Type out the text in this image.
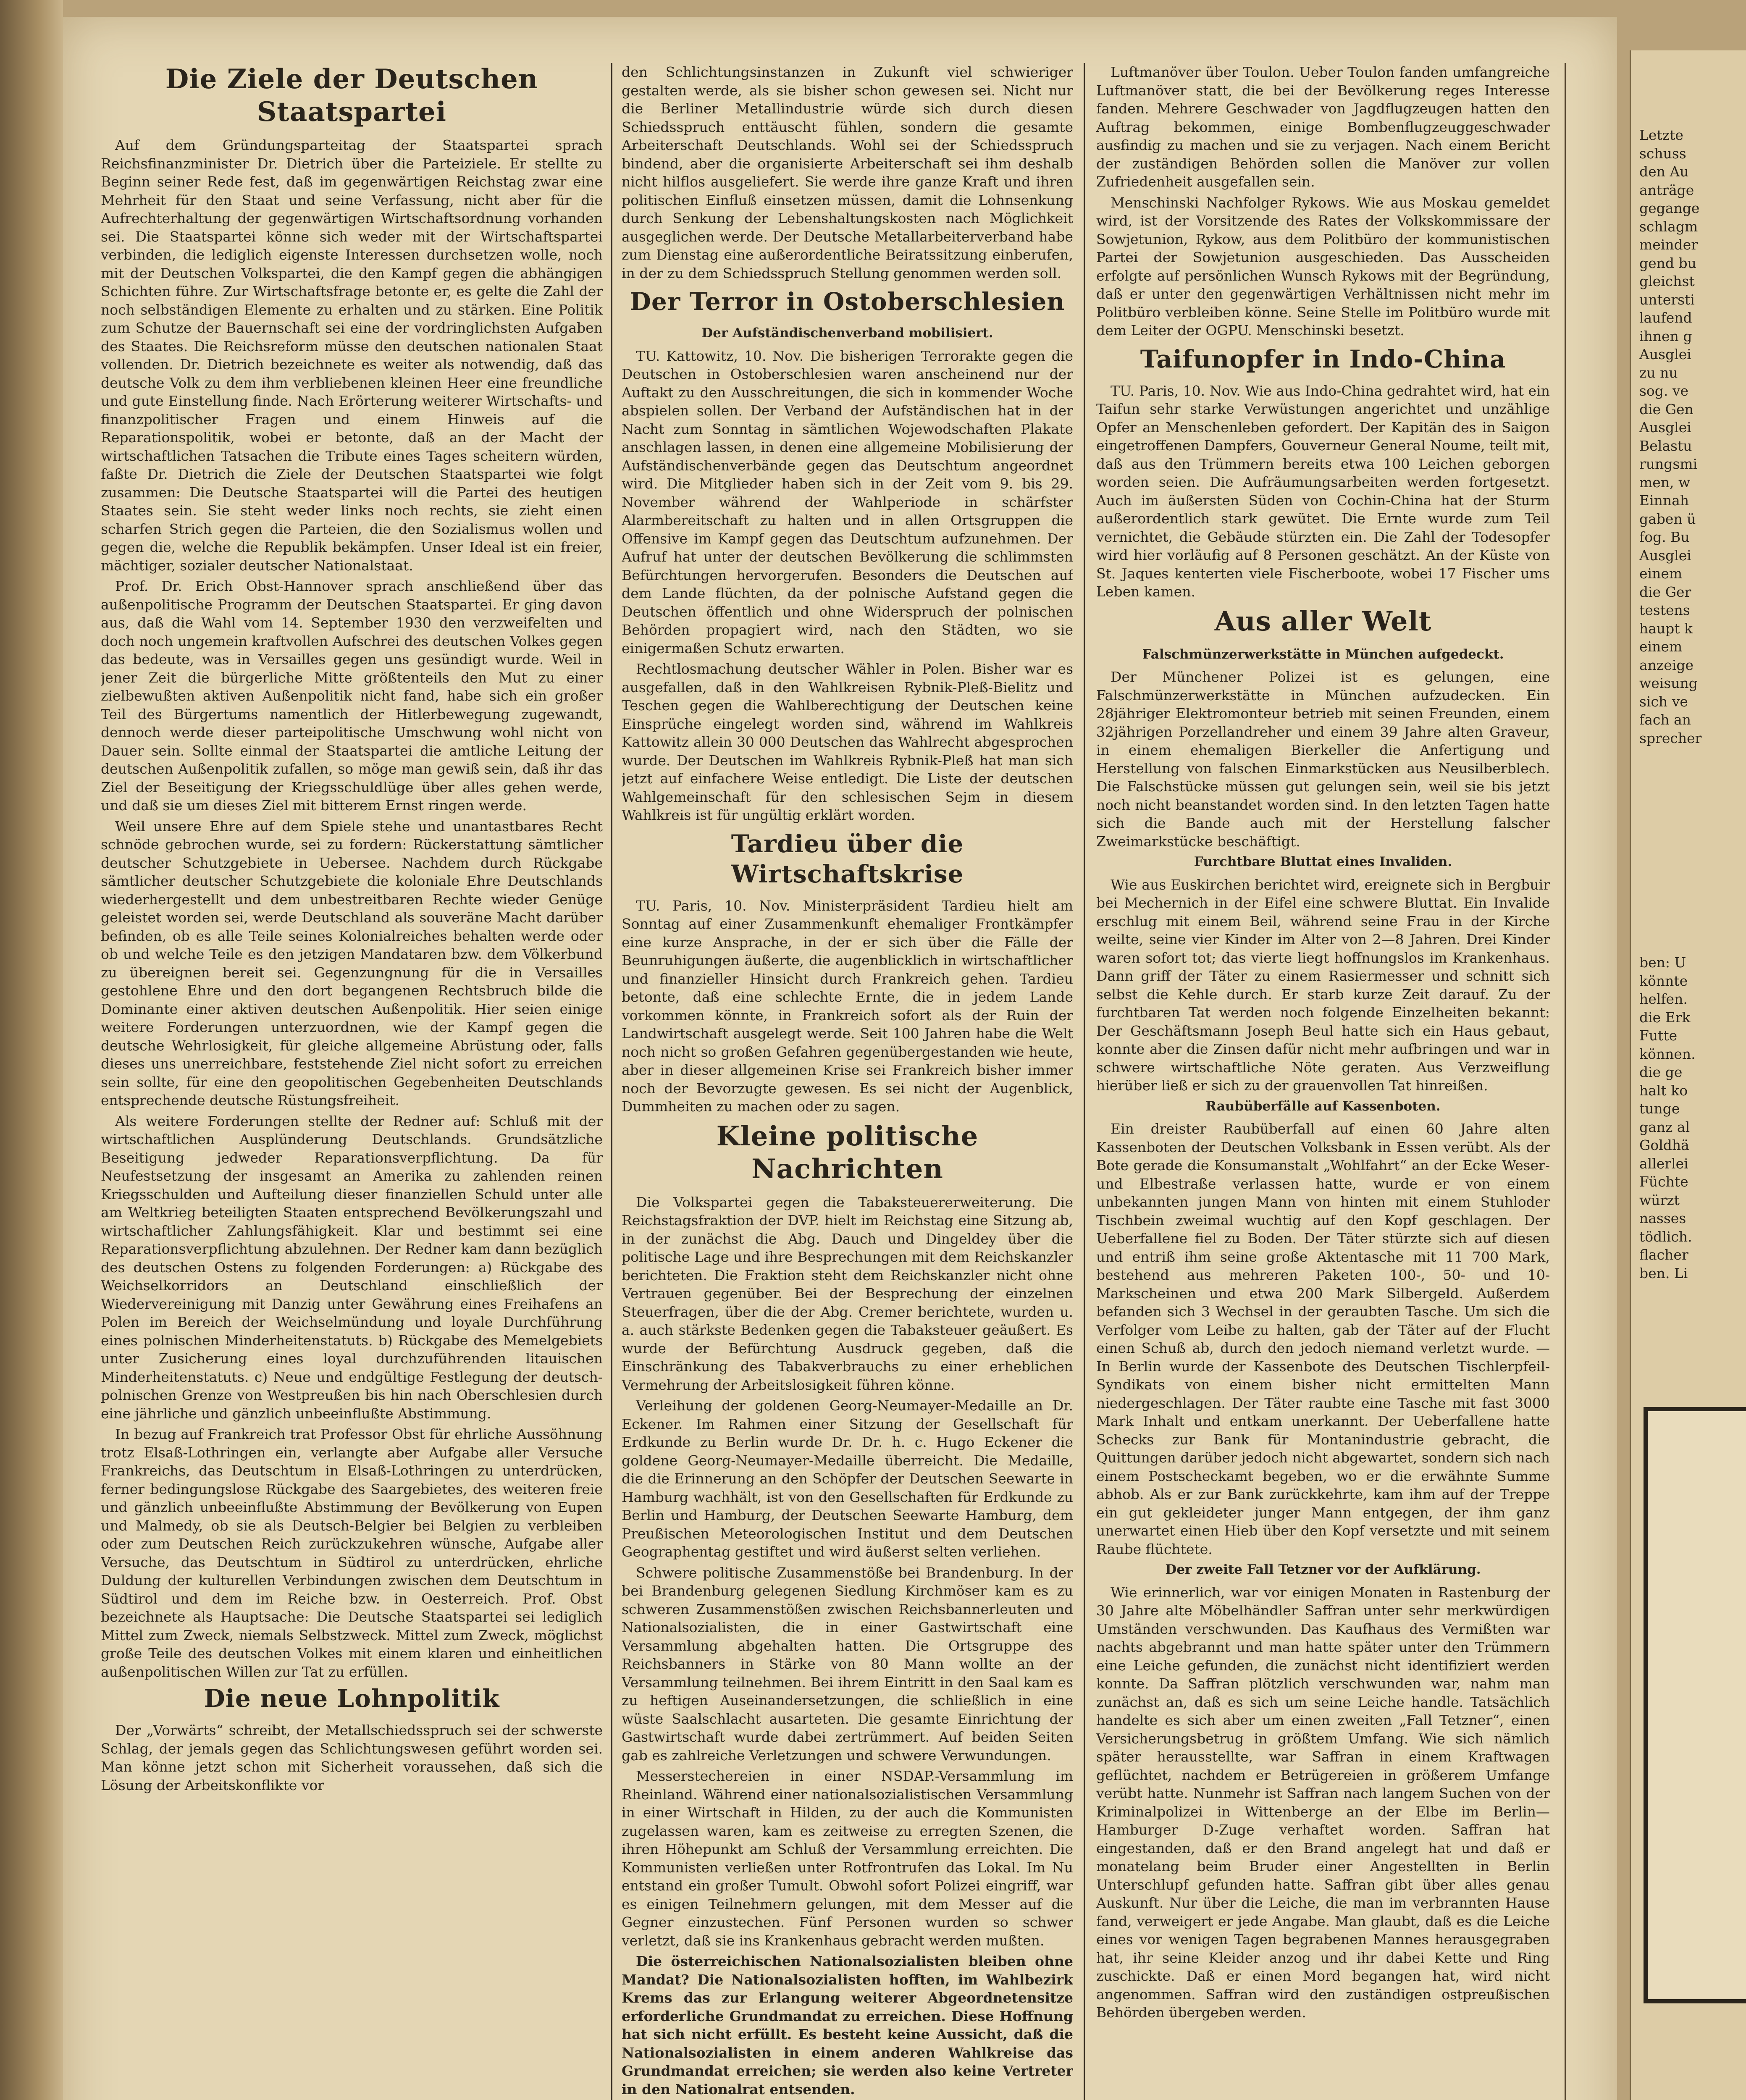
Die Ziele der Deutschen Staatspartei

Auf dem Gründungsparteitag der Staatspartei sprach Reichsfinanzminister Dr. Dietrich über die Parteiziele. Er stellte zu Beginn seiner Rede fest, daß im gegenwärtigen Reichstag zwar eine Mehrheit für den Staat und seine Verfassung, nicht aber für die Aufrechterhaltung der gegenwärtigen Wirtschaftsordnung vorhanden sei. Die Staatspartei könne sich weder mit der Wirtschaftspartei verbinden, die lediglich eigenste Interessen durchsetzen wolle, noch mit der Deutschen Volkspartei, die den Kampf gegen die abhängigen Schichten führe. Zur Wirtschaftsfrage betonte er, es gelte die Zahl der noch selbständigen Elemente zu erhalten und zu stärken. Eine Politik zum Schutze der Bauernschaft sei eine der vordringlichsten Aufgaben des Staates. Die Reichsreform müsse den deutschen nationalen Staat vollenden. Dr. Dietrich bezeichnete es weiter als notwendig, daß das deutsche Volk zu dem ihm verbliebenen kleinen Heer eine freundliche und gute Einstellung finde. Nach Erörterung weiterer Wirtschafts- und finanzpolitischer Fragen und einem Hinweis auf die Reparationspolitik, wobei er betonte, daß an der Macht der wirtschaftlichen Tatsachen die Tribute eines Tages scheitern würden, faßte Dr. Dietrich die Ziele der Deutschen Staatspartei wie folgt zusammen: Die Deutsche Staatspartei will die Partei des heutigen Staates sein. Sie steht weder links noch rechts, sie zieht einen scharfen Strich gegen die Parteien, die den Sozialismus wollen und gegen die, welche die Republik bekämpfen. Unser Ideal ist ein freier, mächtiger, sozialer deutscher Nationalstaat.

Prof. Dr. Erich Obst-Hannover sprach anschließend über das außenpolitische Programm der Deutschen Staatspartei. Er ging davon aus, daß die Wahl vom 14. September 1930 den verzweifelten und doch noch ungemein kraftvollen Aufschrei des deutschen Volkes gegen das bedeute, was in Versailles gegen uns gesündigt wurde. Weil in jener Zeit die bürgerliche Mitte größtenteils den Mut zu einer zielbewußten aktiven Außenpolitik nicht fand, habe sich ein großer Teil des Bürgertums namentlich der Hitlerbewegung zugewandt, dennoch werde dieser parteipolitische Umschwung wohl nicht von Dauer sein. Sollte einmal der Staatspartei die amtliche Leitung der deutschen Außenpolitik zufallen, so möge man gewiß sein, daß ihr das Ziel der Beseitigung der Kriegsschuldlüge über alles gehen werde, und daß sie um dieses Ziel mit bitterem Ernst ringen werde.

Weil unsere Ehre auf dem Spiele stehe und unantastbares Recht schnöde gebrochen wurde, sei zu fordern: Rückerstattung sämtlicher deutscher Schutzgebiete in Uebersee. Nachdem durch Rückgabe sämtlicher deutscher Schutzgebiete die koloniale Ehre Deutschlands wiederhergestellt und dem unbestreitbaren Rechte wieder Genüge geleistet worden sei, werde Deutschland als souveräne Macht darüber befinden, ob es alle Teile seines Kolonialreiches behalten werde oder ob und welche Teile es den jetzigen Mandataren bzw. dem Völkerbund zu übereignen bereit sei. Gegenzungnung für die in Versailles gestohlene Ehre und den dort begangenen Rechtsbruch bilde die Dominante einer aktiven deutschen Außenpolitik. Hier seien einige weitere Forderungen unterzuordnen, wie der Kampf gegen die deutsche Wehrlosigkeit, für gleiche allgemeine Abrüstung oder, falls dieses uns unerreichbare, feststehende Ziel nicht sofort zu erreichen sein sollte, für eine den geopolitischen Gegebenheiten Deutschlands entsprechende deutsche Rüstungsfreiheit.

Als weitere Forderungen stellte der Redner auf: Schluß mit der wirtschaftlichen Ausplünderung Deutschlands. Grundsätzliche Beseitigung jedweder Reparationsverpflichtung. Da für Neufestsetzung der insgesamt an Amerika zu zahlenden reinen Kriegsschulden und Aufteilung dieser finanziellen Schuld unter alle am Weltkrieg beteiligten Staaten entsprechend Bevölkerungszahl und wirtschaftlicher Zahlungsfähigkeit. Klar und bestimmt sei eine Reparationsverpflichtung abzulehnen. Der Redner kam dann bezüglich des deutschen Ostens zu folgenden Forderungen: a) Rückgabe des Weichselkorridors an Deutschland einschließlich der Wiedervereinigung mit Danzig unter Gewährung eines Freihafens an Polen im Bereich der Weichselmündung und loyale Durchführung eines polnischen Minderheitenstatuts. b) Rückgabe des Memelgebiets unter Zusicherung eines loyal durchzuführenden litauischen Minderheitenstatuts. c) Neue und endgültige Festlegung der deutsch-polnischen Grenze von Westpreußen bis hin nach Oberschlesien durch eine jährliche und gänzlich unbeeinflußte Abstimmung.

In bezug auf Frankreich trat Professor Obst für ehrliche Aussöhnung trotz Elsaß-Lothringen ein, verlangte aber Aufgabe aller Versuche Frankreichs, das Deutschtum in Elsaß-Lothringen zu unterdrücken, ferner bedingungslose Rückgabe des Saargebietes, des weiteren freie und gänzlich unbeeinflußte Abstimmung der Bevölkerung von Eupen und Malmedy, ob sie als Deutsch-Belgier bei Belgien zu verbleiben oder zum Deutschen Reich zurückzukehren wünsche, Aufgabe aller Versuche, das Deutschtum in Südtirol zu unterdrücken, ehrliche Duldung der kulturellen Verbindungen zwischen dem Deutschtum in Südtirol und dem im Reiche bzw. in Oesterreich. Prof. Obst bezeichnete als Hauptsache: Die Deutsche Staatspartei sei lediglich Mittel zum Zweck, niemals Selbstzweck. Mittel zum Zweck, möglichst große Teile des deutschen Volkes mit einem klaren und einheitlichen außenpolitischen Willen zur Tat zu erfüllen.

Die neue Lohnpolitik

Der „Vorwärts“ schreibt, der Metallschiedsspruch sei der schwerste Schlag, der jemals gegen das Schlichtungswesen geführt worden sei. Man könne jetzt schon mit Sicherheit voraussehen, daß sich die Lösung der Arbeitskonflikte vor

den Schlichtungsinstanzen in Zukunft viel schwieriger gestalten werde, als sie bisher schon gewesen sei. Nicht nur die Berliner Metallindustrie würde sich durch diesen Schiedsspruch enttäuscht fühlen, sondern die gesamte Arbeiterschaft Deutschlands. Wohl sei der Schiedsspruch bindend, aber die organisierte Arbeiterschaft sei ihm deshalb nicht hilflos ausgeliefert. Sie werde ihre ganze Kraft und ihren politischen Einfluß einsetzen müssen, damit die Lohnsenkung durch Senkung der Lebenshaltungskosten nach Möglichkeit ausgeglichen werde. Der Deutsche Metallarbeiterverband habe zum Dienstag eine außerordentliche Beiratssitzung einberufen, in der zu dem Schiedsspruch Stellung genommen werden soll.

Der Terror in Ostoberschlesien
Der Aufständischenverband mobilisiert.

TU. Kattowitz, 10. Nov. Die bisherigen Terrorakte gegen die Deutschen in Ostoberschlesien waren anscheinend nur der Auftakt zu den Ausschreitungen, die sich in kommender Woche abspielen sollen. Der Verband der Aufständischen hat in der Nacht zum Sonntag in sämtlichen Wojewodschaften Plakate anschlagen lassen, in denen eine allgemeine Mobilisierung der Aufständischenverbände gegen das Deutschtum angeordnet wird. Die Mitglieder haben sich in der Zeit vom 9. bis 29. November während der Wahlperiode in schärfster Alarmbereitschaft zu halten und in allen Ortsgruppen die Offensive im Kampf gegen das Deutschtum aufzunehmen. Der Aufruf hat unter der deutschen Bevölkerung die schlimmsten Befürchtungen hervorgerufen. Besonders die Deutschen auf dem Lande flüchten, da der polnische Aufstand gegen die Deutschen öffentlich und ohne Widerspruch der polnischen Behörden propagiert wird, nach den Städten, wo sie einigermaßen Schutz erwarten.

Rechtlosmachung deutscher Wähler in Polen. Bisher war es ausgefallen, daß in den Wahlkreisen Rybnik-Pleß-Bielitz und Teschen gegen die Wahlberechtigung der Deutschen keine Einsprüche eingelegt worden sind, während im Wahlkreis Kattowitz allein 30 000 Deutschen das Wahlrecht abgesprochen wurde. Der Deutschen im Wahlkreis Rybnik-Pleß hat man sich jetzt auf einfachere Weise entledigt. Die Liste der deutschen Wahlgemeinschaft für den schlesischen Sejm in diesem Wahlkreis ist für ungültig erklärt worden.

Tardieu über die Wirtschaftskrise

TU. Paris, 10. Nov. Ministerpräsident Tardieu hielt am Sonntag auf einer Zusammenkunft ehemaliger Frontkämpfer eine kurze Ansprache, in der er sich über die Fälle der Beunruhigungen äußerte, die augenblicklich in wirtschaftlicher und finanzieller Hinsicht durch Frankreich gehen. Tardieu betonte, daß eine schlechte Ernte, die in jedem Lande vorkommen könnte, in Frankreich sofort als der Ruin der Landwirtschaft ausgelegt werde. Seit 100 Jahren habe die Welt noch nicht so großen Gefahren gegenübergestanden wie heute, aber in dieser allgemeinen Krise sei Frankreich bisher immer noch der Bevorzugte gewesen. Es sei nicht der Augenblick, Dummheiten zu machen oder zu sagen.

Kleine politische Nachrichten

Die Volkspartei gegen die Tabaksteuererweiterung. Die Reichstagsfraktion der DVP. hielt im Reichstag eine Sitzung ab, in der zunächst die Abg. Dauch und Dingeldey über die politische Lage und ihre Besprechungen mit dem Reichskanzler berichteten. Die Fraktion steht dem Reichskanzler nicht ohne Vertrauen gegenüber. Bei der Besprechung der einzelnen Steuerfragen, über die der Abg. Cremer berichtete, wurden u. a. auch stärkste Bedenken gegen die Tabaksteuer geäußert. Es wurde der Befürchtung Ausdruck gegeben, daß die Einschränkung des Tabakverbrauchs zu einer erheblichen Vermehrung der Arbeitslosigkeit führen könne.

Verleihung der goldenen Georg-Neumayer-Medaille an Dr. Eckener. Im Rahmen einer Sitzung der Gesellschaft für Erdkunde zu Berlin wurde Dr. Dr. h. c. Hugo Eckener die goldene Georg-Neumayer-Medaille überreicht. Die Medaille, die die Erinnerung an den Schöpfer der Deutschen Seewarte in Hamburg wachhält, ist von den Gesellschaften für Erdkunde zu Berlin und Hamburg, der Deutschen Seewarte Hamburg, dem Preußischen Meteorologischen Institut und dem Deutschen Geographentag gestiftet und wird äußerst selten verliehen.

Schwere politische Zusammenstöße bei Brandenburg. In der bei Brandenburg gelegenen Siedlung Kirchmöser kam es zu schweren Zusammenstößen zwischen Reichsbannerleuten und Nationalsozialisten, die in einer Gastwirtschaft eine Versammlung abgehalten hatten. Die Ortsgruppe des Reichsbanners in Stärke von 80 Mann wollte an der Versammlung teilnehmen. Bei ihrem Eintritt in den Saal kam es zu heftigen Auseinandersetzungen, die schließlich in eine wüste Saalschlacht ausarteten. Die gesamte Einrichtung der Gastwirtschaft wurde dabei zertrümmert. Auf beiden Seiten gab es zahlreiche Verletzungen und schwere Verwundungen.

Messerstechereien in einer NSDAP.-Versammlung im Rheinland. Während einer nationalsozialistischen Versammlung in einer Wirtschaft in Hilden, zu der auch die Kommunisten zugelassen waren, kam es zeitweise zu erregten Szenen, die ihren Höhepunkt am Schluß der Versammlung erreichten. Die Kommunisten verließen unter Rotfrontrufen das Lokal. Im Nu entstand ein großer Tumult. Obwohl sofort Polizei eingriff, war es einigen Teilnehmern gelungen, mit dem Messer auf die Gegner einzustechen. Fünf Personen wurden so schwer verletzt, daß sie ins Krankenhaus gebracht werden mußten.

Die österreichischen Nationalsozialisten bleiben ohne Mandat? Die Nationalsozialisten hofften, im Wahlbezirk Krems das zur Erlangung weiterer Abgeordnetensitze erforderliche Grundmandat zu erreichen. Diese Hoffnung hat sich nicht erfüllt. Es besteht keine Aussicht, daß die Nationalsozialisten in einem anderen Wahlkreise das Grundmandat erreichen; sie werden also keine Vertreter in den Nationalrat entsenden.

Luftmanöver über Toulon. Ueber Toulon fanden umfangreiche Luftmanöver statt, die bei der Bevölkerung reges Interesse fanden. Mehrere Geschwader von Jagdflugzeugen hatten den Auftrag bekommen, einige Bombenflugzeuggeschwader ausfindig zu machen und sie zu verjagen. Nach einem Bericht der zuständigen Behörden sollen die Manöver zur vollen Zufriedenheit ausgefallen sein.

Menschinski Nachfolger Rykows. Wie aus Moskau gemeldet wird, ist der Vorsitzende des Rates der Volkskommissare der Sowjetunion, Rykow, aus dem Politbüro der kommunistischen Partei der Sowjetunion ausgeschieden. Das Ausscheiden erfolgte auf persönlichen Wunsch Rykows mit der Begründung, daß er unter den gegenwärtigen Verhältnissen nicht mehr im Politbüro verbleiben könne. Seine Stelle im Politbüro wurde mit dem Leiter der OGPU. Menschinski besetzt.

Taifunopfer in Indo-China

TU. Paris, 10. Nov. Wie aus Indo-China gedrahtet wird, hat ein Taifun sehr starke Verwüstungen angerichtet und unzählige Opfer an Menschenleben gefordert. Der Kapitän des in Saigon eingetroffenen Dampfers, Gouverneur General Noume, teilt mit, daß aus den Trümmern bereits etwa 100 Leichen geborgen worden seien. Die Aufräumungsarbeiten werden fortgesetzt. Auch im äußersten Süden von Cochin-China hat der Sturm außerordentlich stark gewütet. Die Ernte wurde zum Teil vernichtet, die Gebäude stürzten ein. Die Zahl der Todesopfer wird hier vorläufig auf 8 Personen geschätzt. An der Küste von St. Jaques kenterten viele Fischerboote, wobei 17 Fischer ums Leben kamen.

Aus aller Welt
Falschmünzerwerkstätte in München aufgedeckt.

Der Münchener Polizei ist es gelungen, eine Falschmünzerwerkstätte in München aufzudecken. Ein 28jähriger Elektromonteur betrieb mit seinen Freunden, einem 32jährigen Porzellandreher und einem 39 Jahre alten Graveur, in einem ehemaligen Bierkeller die Anfertigung und Herstellung von falschen Einmarkstücken aus Neusilberblech. Die Falschstücke müssen gut gelungen sein, weil sie bis jetzt noch nicht beanstandet worden sind. In den letzten Tagen hatte sich die Bande auch mit der Herstellung falscher Zweimarkstücke beschäftigt.

Furchtbare Bluttat eines Invaliden.

Wie aus Euskirchen berichtet wird, ereignete sich in Bergbuir bei Mechernich in der Eifel eine schwere Bluttat. Ein Invalide erschlug mit einem Beil, während seine Frau in der Kirche weilte, seine vier Kinder im Alter von 2—8 Jahren. Drei Kinder waren sofort tot; das vierte liegt hoffnungslos im Krankenhaus. Dann griff der Täter zu einem Rasiermesser und schnitt sich selbst die Kehle durch. Er starb kurze Zeit darauf. Zu der furchtbaren Tat werden noch folgende Einzelheiten bekannt: Der Geschäftsmann Joseph Beul hatte sich ein Haus gebaut, konnte aber die Zinsen dafür nicht mehr aufbringen und war in schwere wirtschaftliche Nöte geraten. Aus Verzweiflung hierüber ließ er sich zu der grauenvollen Tat hinreißen.

Raubüberfälle auf Kassenboten.

Ein dreister Raubüberfall auf einen 60 Jahre alten Kassenboten der Deutschen Volksbank in Essen verübt. Als der Bote gerade die Konsumanstalt „Wohlfahrt“ an der Ecke Weser- und Elbestraße verlassen hatte, wurde er von einem unbekannten jungen Mann von hinten mit einem Stuhloder Tischbein zweimal wuchtig auf den Kopf geschlagen. Der Ueberfallene fiel zu Boden. Der Täter stürzte sich auf diesen und entriß ihm seine große Aktentasche mit 11 700 Mark, bestehend aus mehreren Paketen 100-, 50- und 10-Markscheinen und etwa 200 Mark Silbergeld. Außerdem befanden sich 3 Wechsel in der geraubten Tasche. Um sich die Verfolger vom Leibe zu halten, gab der Täter auf der Flucht einen Schuß ab, durch den jedoch niemand verletzt wurde. — In Berlin wurde der Kassenbote des Deutschen Tischlerpfeil-Syndikats von einem bisher nicht ermittelten Mann niedergeschlagen. Der Täter raubte eine Tasche mit fast 3000 Mark Inhalt und entkam unerkannt. Der Ueberfallene hatte Schecks zur Bank für Montanindustrie gebracht, die Quittungen darüber jedoch nicht abgewartet, sondern sich nach einem Postscheckamt begeben, wo er die erwähnte Summe abhob. Als er zur Bank zurückkehrte, kam ihm auf der Treppe ein gut gekleideter junger Mann entgegen, der ihm ganz unerwartet einen Hieb über den Kopf versetzte und mit seinem Raube flüchtete.

Der zweite Fall Tetzner vor der Aufklärung.

Wie erinnerlich, war vor einigen Monaten in Rastenburg der 30 Jahre alte Möbelhändler Saffran unter sehr merkwürdigen Umständen verschwunden. Das Kaufhaus des Vermißten war nachts abgebrannt und man hatte später unter den Trümmern eine Leiche gefunden, die zunächst nicht identifiziert werden konnte. Da Saffran plötzlich verschwunden war, nahm man zunächst an, daß es sich um seine Leiche handle. Tatsächlich handelte es sich aber um einen zweiten „Fall Tetzner“, einen Versicherungsbetrug in größtem Umfang. Wie sich nämlich später herausstellte, war Saffran in einem Kraftwagen geflüchtet, nachdem er Betrügereien in größerem Umfange verübt hatte. Nunmehr ist Saffran nach langem Suchen von der Kriminalpolizei in Wittenberge an der Elbe im Berlin—Hamburger D-Zuge verhaftet worden. Saffran hat eingestanden, daß er den Brand angelegt hat und daß er monatelang beim Bruder einer Angestellten in Berlin Unterschlupf gefunden hatte. Saffran gibt über alles genau Auskunft. Nur über die Leiche, die man im verbrannten Hause fand, verweigert er jede Angabe. Man glaubt, daß es die Leiche eines vor wenigen Tagen begrabenen Mannes herausgegraben hat, ihr seine Kleider anzog und ihr dabei Kette und Ring zuschickte. Daß er einen Mord begangen hat, wird nicht angenommen. Saffran wird den zuständigen ostpreußischen Behörden übergeben werden.

Letzte
schuss
den Au
anträge
gegange
schlagm
meinder
gend bu
gleichst
untersti
laufend
ihnen g
Ausglei
zu nu
sog. ve
die Gen
Ausglei
Belastu
rungsmi
men, w
Einnah
gaben ü
fog. Bu
Ausglei
einem
die Ger
testens
haupt k
einem
anzeige
weisung
sich ve
fach an
sprecher
ben: U
könnte
helfen.
die Erk
Futte
können.
die ge
halt ko
tunge
ganz al
Goldhä
allerlei
Füchte
würzt
nasses
tödlich.
flacher
ben. Li
